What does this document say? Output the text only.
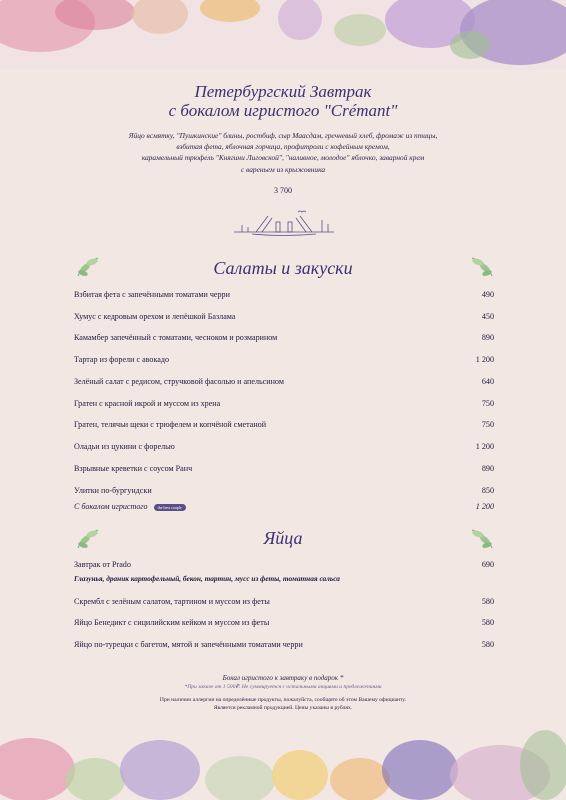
Петербургский Завтрак
с бокалом игристого "Crémant"
Яйцо всмятку, "Пушкинские" блины, ростбиф, сыр Маасдам, гречневый хлеб, фромаж из птицы,
взбитая фета, яблочная горчица, профитроли с кофейным кремом,
карамельный трюфель "Княгини Лиговской", "наливное, молодое" яблочко, заварной крем
с вареньем из крыжовника
3 700
Салаты и закуски
Взбитая фета с запечёнными томатами черри	490
Хумус с кедровым орехом и лепёшкой Базлама	450
Камамбер запечённый с томатами, чесноком и розмарином	890
Тартар из форели с авокадо	1 200
Зелёный салат с редисом, стручковой фасолью и апельсином	640
Гратен с красной икрой и муссом из хрена	750
Гратен, телячьи щеки с трюфелем и копчёной сметаной	750
Оладьи из цукини с форелью	1 200
Взрывные креветки с соусом Ранч	890
Улитки по-бургундски	850
С бокалом игристого	the best couple	1 200
Яйца
Завтрак от Prado	690
Глазунья, драник картофельный, бекон, тартин, мусс из феты, томатная сальса
Скрембл с зелёным салатом, тартином и муссом из феты	580
Яйцо Бенедикт с сицилийским кейком и муссом из феты	580
Яйцо по-турецки с багетом, мятой и запечёнными томатами черри	580
Бокал игристого к завтраку в подарок *
*При заказе от 1 500₽. Не суммируется с остальными акциями и предложениями
При наличии аллергии на определённые продукты, пожалуйста, сообщите об этом Вашему официанту.
Является рекламной продукцией. Цены указаны в рублях.
